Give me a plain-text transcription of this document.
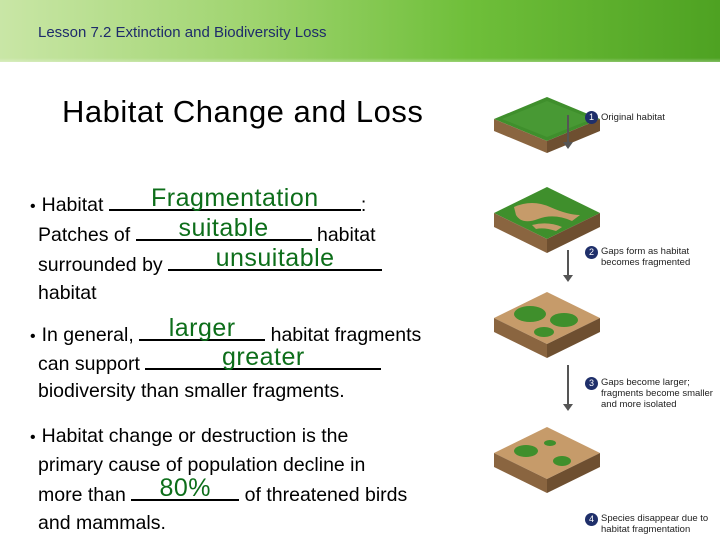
Lesson 7.2 Extinction and Biodiversity Loss
Habitat Change and Loss
• Habitat	Fragmentation	:
Patches of	suitable	habitat
surrounded by	unsuitable
habitat
• In general,	larger	habitat fragments
can support	greater
biodiversity than smaller fragments.
• Habitat change or destruction is the
primary cause of population decline in
more than	80%	of threatened birds
and mammals.
1 Original habitat
2 Gaps form as habitat becomes fragmented
3 Gaps become larger; fragments become smaller and more isolated
4 Species disappear due to habitat fragmentation
